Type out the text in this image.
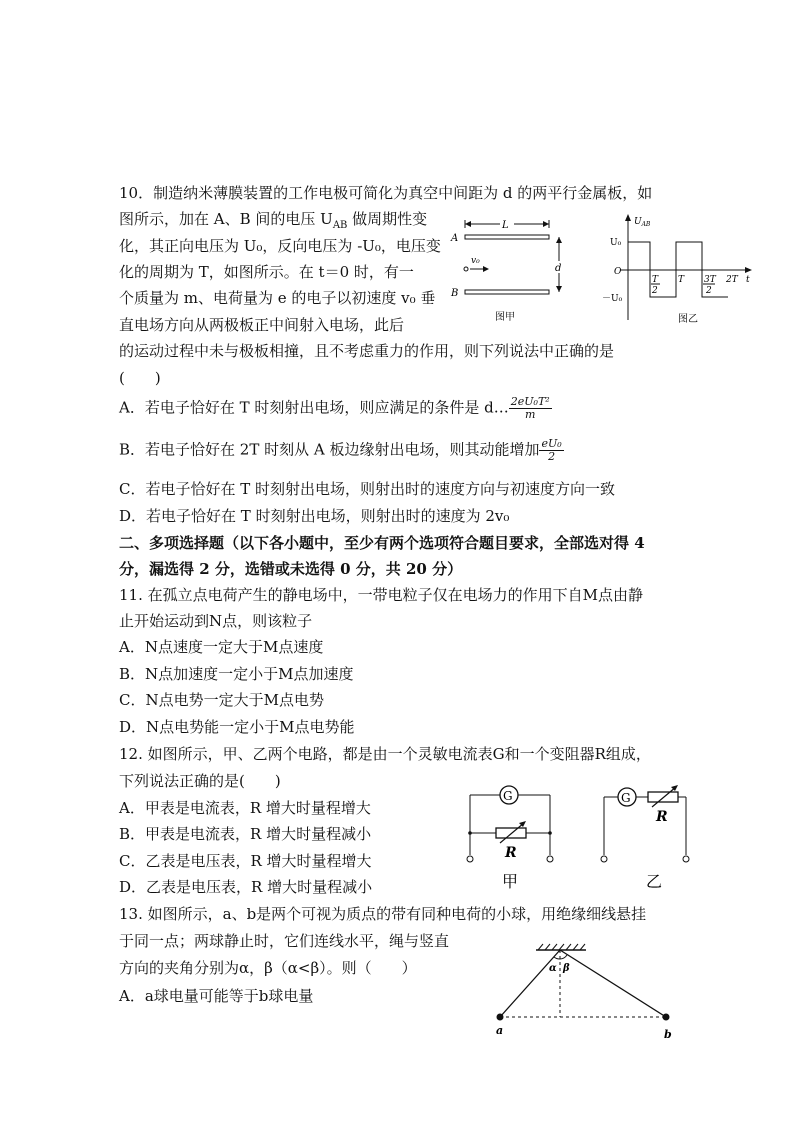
10．制造纳米薄膜装置的工作电极可简化为真空中间距为 d 的两平行金属板，如
图所示，加在 A、B 间的电压 $U_{AB}$ 做周期性变
化，其正向电压为 U₀，反向电压为 -U₀，电压变
化的周期为 T，如图所示。在 t＝0 时，有一
个质量为 m、电荷量为 e 的电子以初速度 v₀ 垂
直电场方向从两极板正中间射入电场，此后
的运动过程中未与极板相撞，且不考虑重力的作用，则下列说法中正确的是
(　　)
A．若电子恰好在 T 时刻射出电场，则应满足的条件是 d… $\frac{\text{2eU₀T²}}{m}$
B．若电子恰好在 2T 时刻从 A 板边缘射出电场，则其动能增加 $\frac{\text{eU₀}}{2}$
C．若电子恰好在 T 时刻射出电场，则射出时的速度方向与初速度方向一致
D．若电子恰好在 T 时刻射出电场，则射出时的速度为 2v₀
L
A
B
d
v₀
图甲
$U_{AB}$
U₀
－U₀
O
T
2
T 3T
2
2T t
图乙
二、多项选择题（以下各小题中，至少有两个选项符合题目要求，全部选对得 4
分，漏选得 2 分，选错或未选得 0 分，共 20 分）
11. 在孤立点电荷产生的静电场中，一带电粒子仅在电场力的作用下自M点由静
止开始运动到N点，则该粒子
A．N点速度一定大于M点速度
B．N点加速度一定小于M点加速度
C．N点电势一定大于M点电势
D．N点电势能一定小于M点电势能
12. 如图所示，甲、乙两个电路，都是由一个灵敏电流表G和一个变阻器R组成，
下列说法正确的是(　　)
A．甲表是电流表，R 增大时量程增大
B．甲表是电流表，R 增大时量程减小
C．乙表是电压表，R 增大时量程增大
D．乙表是电压表，R 增大时量程减小
G
R
甲
G
R
乙
13. 如图所示，a、b是两个可视为质点的带有同种电荷的小球，用绝缘细线悬挂
于同一点；两球静止时，它们连线水平，绳与竖直
方向的夹角分别为α，β（α<β）。则（　　）
A．a球电量可能等于b球电量
α β
a	b
